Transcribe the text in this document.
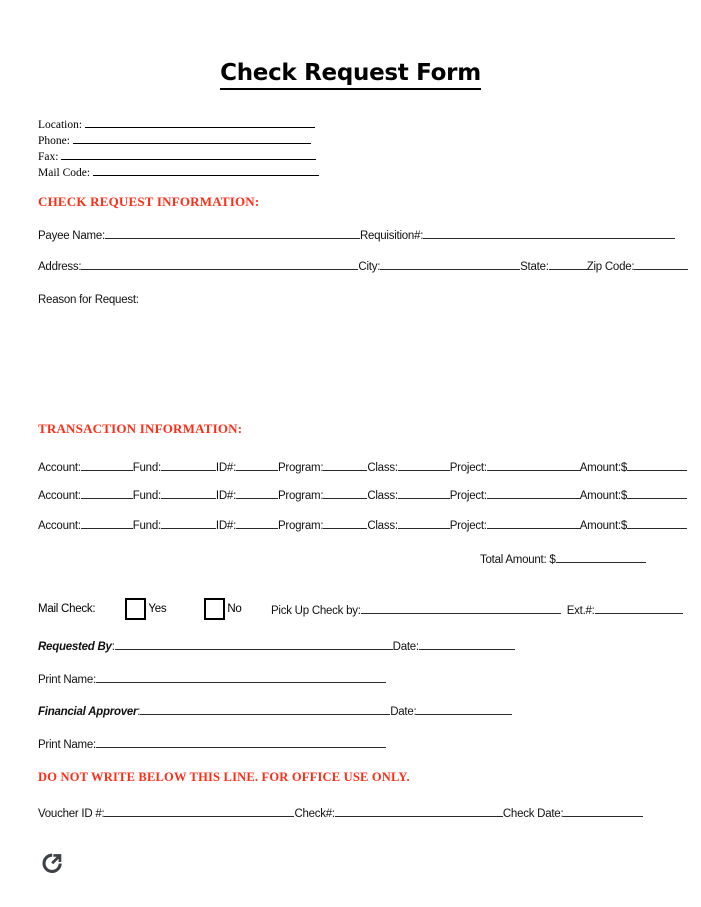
Check Request Form
Location:
Phone:
Fax:
Mail Code:
CHECK REQUEST INFORMATION:
Payee Name:	Requisition#:
Address:	City:	State:	Zip Code:
Reason for Request:
TRANSACTION INFORMATION:
Account:	Fund:	ID#:	Program:	Class:	Project:	Amount:$
Account:	Fund:	ID#:	Program:	Class:	Project:	Amount:$
Account:	Fund:	ID#:	Program:	Class:	Project:	Amount:$
Total Amount: $
Mail Check:	Yes	No	Pick Up Check by:	Ext.#:
Requested By :	Date:
Print Name:
Financial Approver :	Date:
Print Name:
DO NOT WRITE BELOW THIS LINE. FOR OFFICE USE ONLY.
Voucher ID #:	Check#:	Check Date:
